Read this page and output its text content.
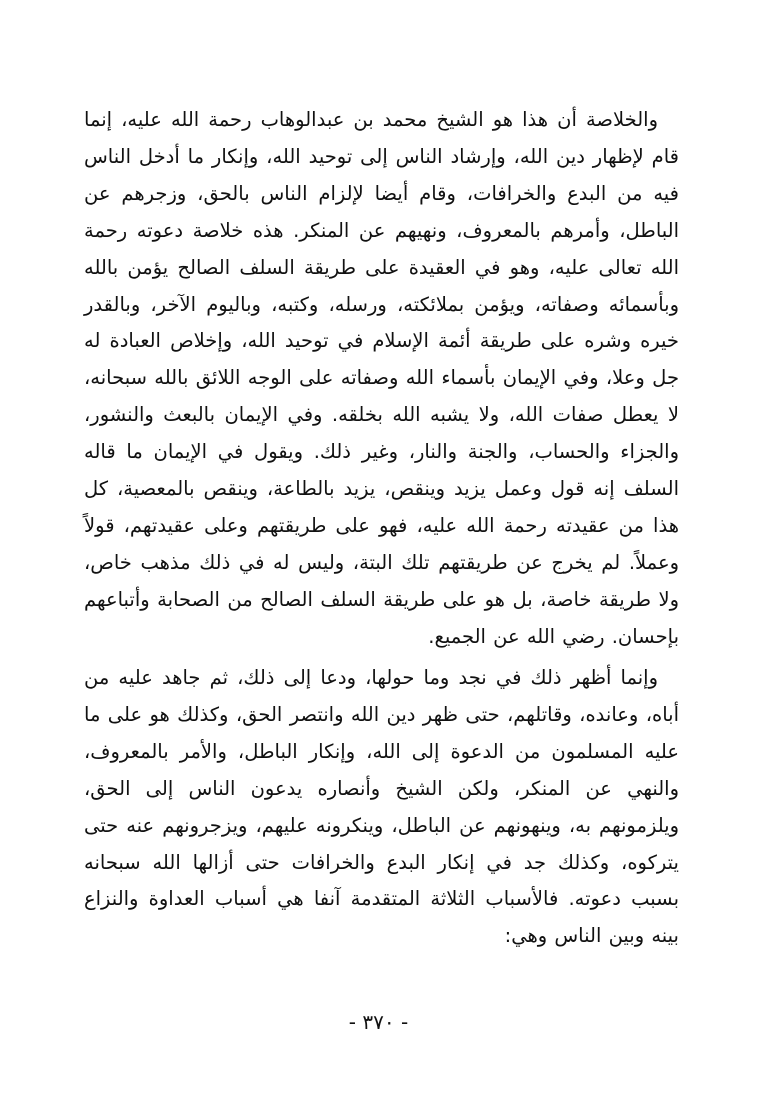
والخلاصة أن هذا هو الشيخ محمد بن عبدالوهاب رحمة الله عليه، إنما قام لإظهار دين الله، وإرشاد الناس إلى توحيد الله، وإنكار ما أدخل الناس فيه من البدع والخرافات، وقام أيضا لإلزام الناس بالحق، وزجرهم عن الباطل، وأمرهم بالمعروف، ونهيهم عن المنكر. هذه خلاصة دعوته رحمة الله تعالى عليه، وهو في العقيدة على طريقة السلف الصالح يؤمن بالله وبأسمائه وصفاته، ويؤمن بملائكته، ورسله، وكتبه، وباليوم الآخر، وبالقدر خيره وشره على طريقة أئمة الإسلام في توحيد الله، وإخلاص العبادة له جل وعلا، وفي الإيمان بأسماء الله وصفاته على الوجه اللائق بالله سبحانه، لا يعطل صفات الله، ولا يشبه الله بخلقه. وفي الإيمان بالبعث والنشور، والجزاء والحساب، والجنة والنار، وغير ذلك. ويقول في الإيمان ما قاله السلف إنه قول وعمل يزيد وينقص، يزيد بالطاعة، وينقص بالمعصية، كل هذا من عقيدته رحمة الله عليه، فهو على طريقتهم وعلى عقيدتهم، قولاً وعملاً. لم يخرج عن طريقتهم تلك البتة، وليس له في ذلك مذهب خاص، ولا طريقة خاصة، بل هو على طريقة السلف الصالح من الصحابة وأتباعهم بإحسان. رضي الله عن الجميع.

وإنما أظهر ذلك في نجد وما حولها، ودعا إلى ذلك، ثم جاهد عليه من أباه، وعانده، وقاتلهم، حتى ظهر دين الله وانتصر الحق، وكذلك هو على ما عليه المسلمون من الدعوة إلى الله، وإنكار الباطل، والأمر بالمعروف، والنهي عن المنكر، ولكن الشيخ وأنصاره يدعون الناس إلى الحق، ويلزمونهم به، وينهونهم عن الباطل، وينكرونه عليهم، ويزجرونهم عنه حتى يتركوه، وكذلك جد في إنكار البدع والخرافات حتى أزالها الله سبحانه بسبب دعوته. فالأسباب الثلاثة المتقدمة آنفا هي أسباب العداوة والنزاع بينه وبين الناس وهي:

- ٣٧٠ -
